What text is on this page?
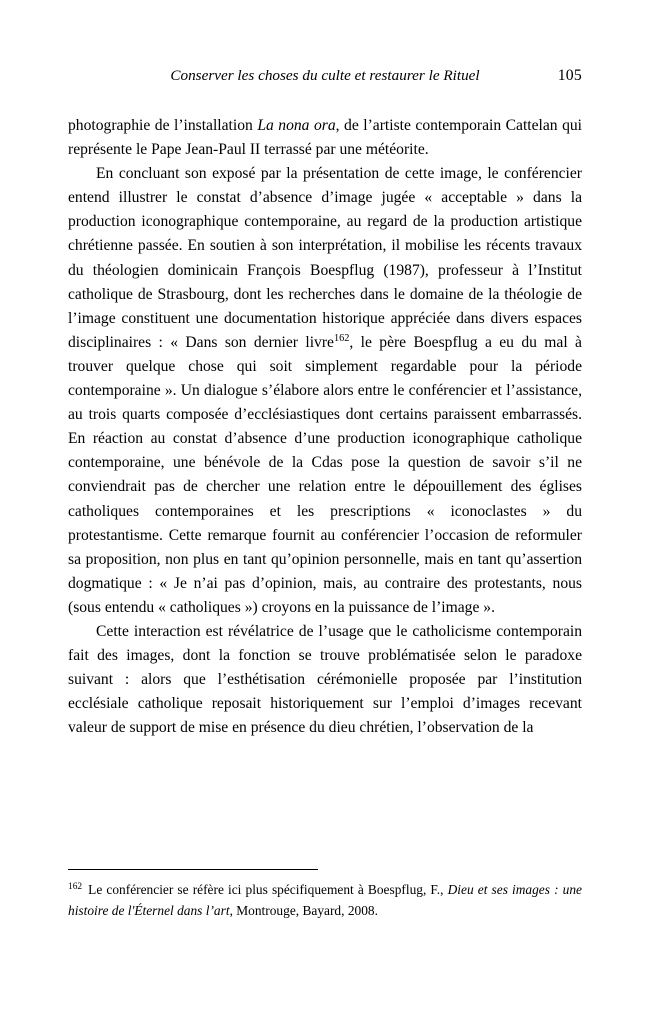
Conserver les choses du culte et restaurer le Rituel	105

photographie de l’installation La nona ora, de l’artiste contemporain Cattelan qui représente le Pape Jean-Paul II terrassé par une météorite.

En concluant son exposé par la présentation de cette image, le conférencier entend illustrer le constat d’absence d’image jugée « acceptable » dans la production iconographique contemporaine, au regard de la production artistique chrétienne passée. En soutien à son interprétation, il mobilise les récents travaux du théologien dominicain François Boespflug (1987), professeur à l’Institut catholique de Strasbourg, dont les recherches dans le domaine de la théologie de l’image constituent une documentation historique appréciée dans divers espaces disciplinaires : « Dans son dernier livre$^{162}$, le père Boespflug a eu du mal à trouver quelque chose qui soit simplement regardable pour la période contemporaine ». Un dialogue s’élabore alors entre le conférencier et l’assistance, au trois quarts composée d’ecclésiastiques dont certains paraissent embarrassés. En réaction au constat d’absence d’une production iconographique catholique contemporaine, une bénévole de la Cdas pose la question de savoir s’il ne conviendrait pas de chercher une relation entre le dépouillement des églises catholiques contemporaines et les prescriptions « iconoclastes » du protestantisme. Cette remarque fournit au conférencier l’occasion de reformuler sa proposition, non plus en tant qu’opinion personnelle, mais en tant qu’assertion dogmatique : « Je n’ai pas d’opinion, mais, au contraire des protestants, nous (sous entendu « catholiques ») croyons en la puissance de l’image ».

Cette interaction est révélatrice de l’usage que le catholicisme contemporain fait des images, dont la fonction se trouve problématisée selon le paradoxe suivant : alors que l’esthétisation cérémonielle proposée par l’institution ecclésiale catholique reposait historiquement sur l’emploi d’images recevant valeur de support de mise en présence du dieu chrétien, l’observation de la

$^{162}$ Le conférencier se réfère ici plus spécifiquement à Boespflug, F., Dieu et ses images : une histoire de l'Éternel dans l’art, Montrouge, Bayard, 2008.
